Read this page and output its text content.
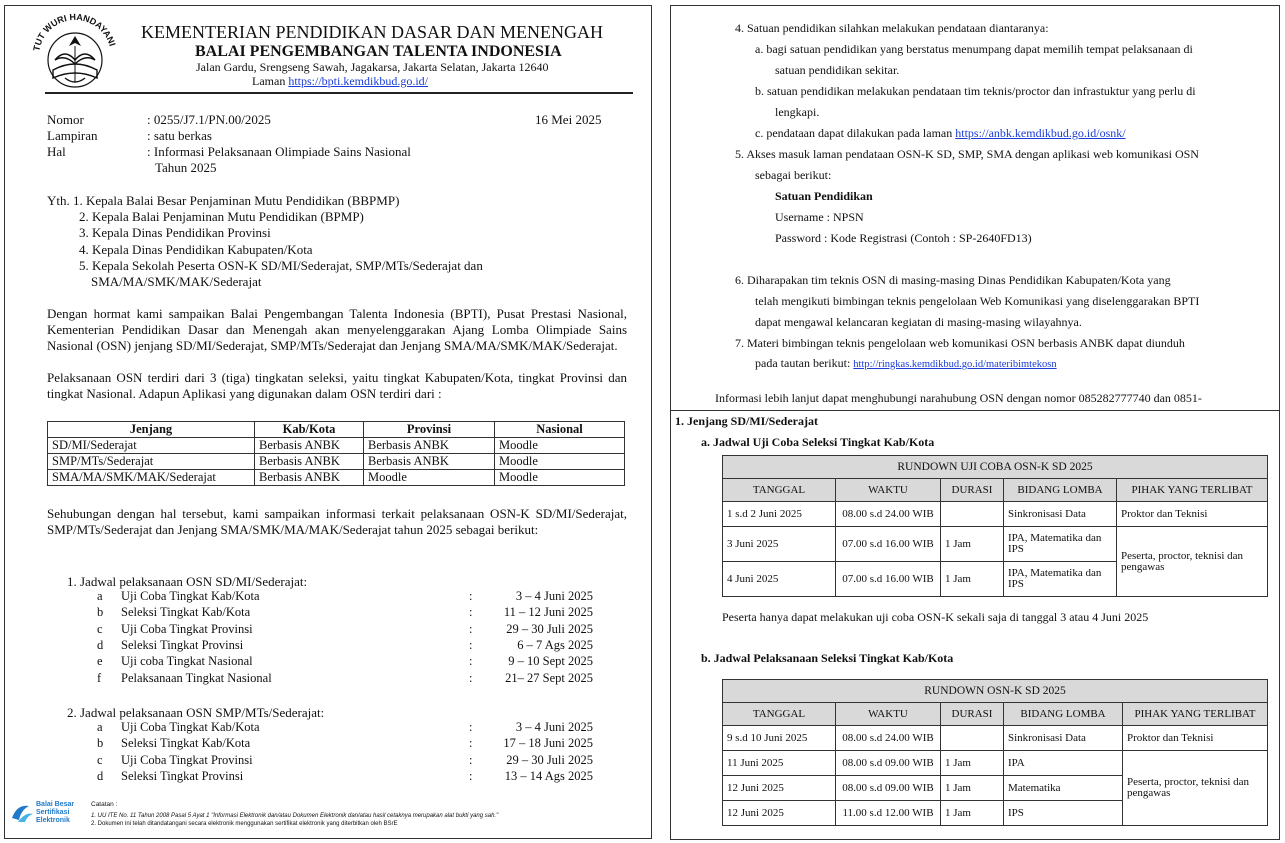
TUT WURI HANDAYANI
KEMENTERIAN PENDIDIKAN DASAR DAN MENENGAH
BALAI PENGEMBANGAN TALENTA INDONESIA
Jalan Gardu, Srengseng Sawah, Jagakarsa, Jakarta Selatan, Jakarta 12640
Laman https://bpti.kemdikbud.go.id/
Nomor	: 0255/J7.1/PN.00/2025	16 Mei 2025
Lampiran	: satu berkas
Hal	: Informasi Pelaksanaan Olimpiade Sains Nasional
Tahun 2025
Yth. 1. Kepala Balai Besar Penjaminan Mutu Pendidikan (BBPMP)
2. Kepala Balai Penjaminan Mutu Pendidikan (BPMP)
3. Kepala Dinas Pendidikan Provinsi
4. Kepala Dinas Pendidikan Kabupaten/Kota
5. Kepala Sekolah Peserta OSN-K SD/MI/Sederajat, SMP/MTs/Sederajat dan
SMA/MA/SMK/MAK/Sederajat
Dengan hormat kami sampaikan Balai Pengembangan Talenta Indonesia (BPTI), Pusat Prestasi Nasional, Kementerian Pendidikan Dasar dan Menengah akan menyelenggarakan Ajang Lomba Olimpiade Sains Nasional (OSN) jenjang SD/MI/Sederajat, SMP/MTs/Sederajat dan Jenjang SMA/MA/SMK/MAK/Sederajat.
Pelaksanaan OSN terdiri dari 3 (tiga) tingkatan seleksi, yaitu tingkat Kabupaten/Kota, tingkat Provinsi dan tingkat Nasional. Adapun Aplikasi yang digunakan dalam OSN terdiri dari :
Jenjang	Kab/Kota	Provinsi	Nasional
SD/MI/Sederajat	Berbasis ANBK	Berbasis ANBK	Moodle
SMP/MTs/Sederajat	Berbasis ANBK	Berbasis ANBK	Moodle
SMA/MA/SMK/MAK/Sederajat	Berbasis ANBK	Moodle	Moodle
Sehubungan dengan hal tersebut, kami sampaikan informasi terkait pelaksanaan OSN-K SD/MI/Sederajat, SMP/MTs/Sederajat dan Jenjang SMA/SMK/MA/MAK/Sederajat tahun 2025 sebagai berikut:
1. Jadwal pelaksanaan OSN SD/MI/Sederajat:
a Uji Coba Tingkat Kab/Kota	:	3 – 4 Juni 2025
b Seleksi Tingkat Kab/Kota	:	11 – 12 Juni 2025
c Uji Coba Tingkat Provinsi	:	29 – 30 Juli 2025
d Seleksi Tingkat Provinsi	:	6 – 7 Ags 2025
e Uji coba Tingkat Nasional	:	9 – 10 Sept 2025
f Pelaksanaan Tingkat Nasional	:	21– 27 Sept 2025
2. Jadwal pelaksanaan OSN SMP/MTs/Sederajat:
a Uji Coba Tingkat Kab/Kota	:	3 – 4 Juni 2025
b Seleksi Tingkat Kab/Kota	:	17 – 18 Juni 2025
c Uji Coba Tingkat Provinsi	:	29 – 30 Juli 2025
d Seleksi Tingkat Provinsi	:	13 – 14 Ags 2025
Balai Besar
Sertifikasi
Elektronik
Catatan :
1. UU ITE No. 11 Tahun 2008 Pasal 5 Ayat 1 "Informasi Elektronik dan/atau Dokumen Elektronik dan/atau hasil cetaknya merupakan alat bukti yang sah."
2. Dokumen ini telah ditandatangani secara elektronik menggunakan sertifikat elektronik yang diterbitkan oleh BSrE
4. Satuan pendidikan silahkan melakukan pendataan diantaranya:
a. bagi satuan pendidikan yang berstatus menumpang dapat memilih tempat pelaksanaan di
satuan pendidikan sekitar.
b. satuan pendidikan melakukan pendataan tim teknis/proctor dan infrastuktur yang perlu di
lengkapi.
c. pendataan dapat dilakukan pada laman https://anbk.kemdikbud.go.id/osnk/
5. Akses masuk laman pendataan OSN-K SD, SMP, SMA dengan aplikasi web komunikasi OSN
sebagai berikut:
Satuan Pendidikan
Username : NPSN
Password : Kode Registrasi (Contoh : SP-2640FD13)
6. Diharapakan tim teknis OSN di masing-masing Dinas Pendidikan Kabupaten/Kota yang
telah mengikuti bimbingan teknis pengelolaan Web Komunikasi yang diselenggarakan BPTI
dapat mengawal kelancaran kegiatan di masing-masing wilayahnya.
7. Materi bimbingan teknis pengelolaan web komunikasi OSN berbasis ANBK dapat diunduh
pada tautan berikut: http://ringkas.kemdikbud.go.id/materibimtekosn
Informasi lebih lanjut dapat menghubungi narahubung OSN dengan nomor 085282777740 dan 0851-
1. Jenjang SD/MI/Sederajat
a. Jadwal Uji Coba Seleksi Tingkat Kab/Kota
RUNDOWN UJI COBA OSN-K SD 2025				
TANGGAL	WAKTU	DURASI	BIDANG LOMBA	PIHAK YANG TERLIBAT
1 s.d 2 Juni 2025	08.00 s.d 24.00 WIB		Sinkronisasi Data	Proktor dan Teknisi
3 Juni 2025	07.00 s.d 16.00 WIB	1 Jam	IPA, Matematika dan IPS	Peserta, proctor, teknisi dan pengawas
4 Juni 2025	07.00 s.d 16.00 WIB	1 Jam	IPA, Matematika dan IPS	
Peserta hanya dapat melakukan uji coba OSN-K sekali saja di tanggal 3 atau 4 Juni 2025
b. Jadwal Pelaksanaan Seleksi Tingkat Kab/Kota
RUNDOWN OSN-K SD 2025				
TANGGAL	WAKTU	DURASI	BIDANG LOMBA	PIHAK YANG TERLIBAT
9 s.d 10 Juni 2025	08.00 s.d 24.00 WIB		Sinkronisasi Data	Proktor dan Teknisi
11 Juni 2025	08.00 s.d 09.00 WIB	1 Jam	IPA	Peserta, proctor, teknisi dan pengawas
12 Juni 2025	08.00 s.d 09.00 WIB	1 Jam	Matematika	
12 Juni 2025	11.00 s.d 12.00 WIB	1 Jam	IPS	
